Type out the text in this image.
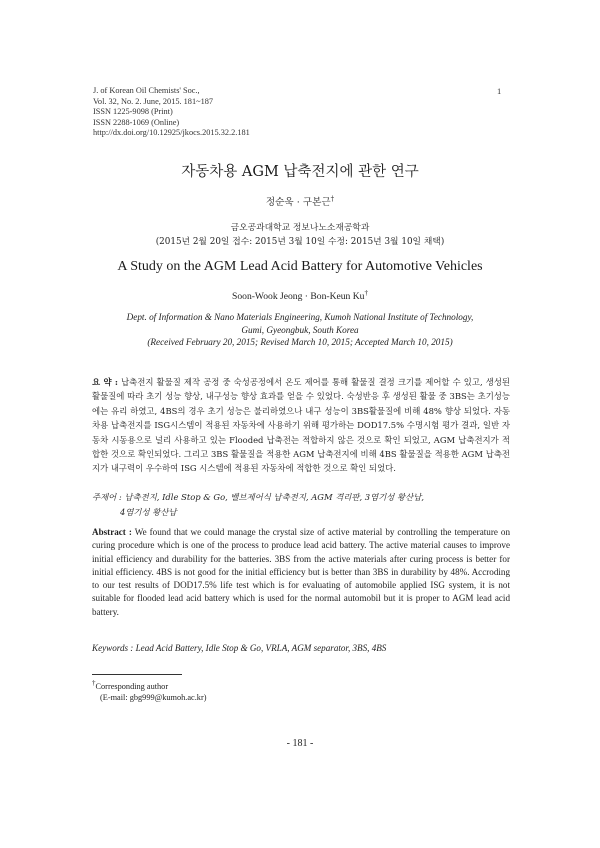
J. of Korean Oil Chemists' Soc.,
Vol. 32, No. 2. June, 2015. 181~187
ISSN 1225-9098 (Print)
ISSN 2288-1069 (Online)
http://dx.doi.org/10.12925/jkocs.2015.32.2.181
1
자동차용 AGM 납축전지에 관한 연구
정순욱 · 구본근†
금오공과대학교 정보나노소재공학과
(2015년 2월 20일 접수: 2015년 3월 10일 수정: 2015년 3월 10일 채택)
A Study on the AGM Lead Acid Battery for Automotive Vehicles
Soon-Wook Jeong · Bon-Keun Ku†
Dept. of Information & Nano Materials Engineering, Kumoh National Institute of Technology,
Gumi, Gyeongbuk, South Korea
(Received February 20, 2015; Revised March 10, 2015; Accepted March 10, 2015)
요 약 : 납축전지 활물질 제작 공정 중 숙성공정에서 온도 제어를 통해 활물질 결정 크기를 제어할 수 있고, 생성된 활물질에 따라 초기 성능 향상, 내구성능 향상 효과를 얻을 수 있었다. 숙성반응 후 생성된 활물 중 3BS는 초기성능에는 유리 하였고, 4BS의 경우 초기 성능은 불리하였으나 내구 성능이 3BS활물질에 비해 48% 향상 되었다. 자동차용 납축전지를 ISG시스템이 적용된 자동차에 사용하기 위해 평가하는 DOD17.5% 수명시험 평가 결과, 일반 자동차 시동용으로 널리 사용하고 있는 Flooded 납축전는 적합하지 않은 것으로 확인 되었고, AGM 납축전지가 적합한 것으로 확인되었다. 그리고 3BS 활물질을 적용한 AGM 납축전지에 비해 4BS 활물질을 적용한 AGM 납축전지가 내구력이 우수하여 ISG 시스템에 적용된 자동차에 적합한 것으로 확인 되었다.
주제어 : 납축전지, Idle Stop & Go, 밸브제어식 납축전지, AGM 격리판, 3염기성 황산납,
4염기성 황산납
Abstract : We found that we could manage the crystal size of active material by controlling the temperature on curing procedure which is one of the process to produce lead acid battery. The active material causes to improve initial efficiency and durability for the batteries. 3BS from the active materials after curing process is better for initial efficiency. 4BS is not good for the initial efficiency but is better than 3BS in durability by 48%. Accroding to our test results of DOD17.5% life test which is for evaluating of automobile applied ISG system, it is not suitable for flooded lead acid battery which is used for the normal automobil but it is proper to AGM lead acid battery.
Keywords : Lead Acid Battery, Idle Stop & Go, VRLA, AGM separator, 3BS, 4BS
†Corresponding author
(E-mail: gbg999@kumoh.ac.kr)
- 181 -
